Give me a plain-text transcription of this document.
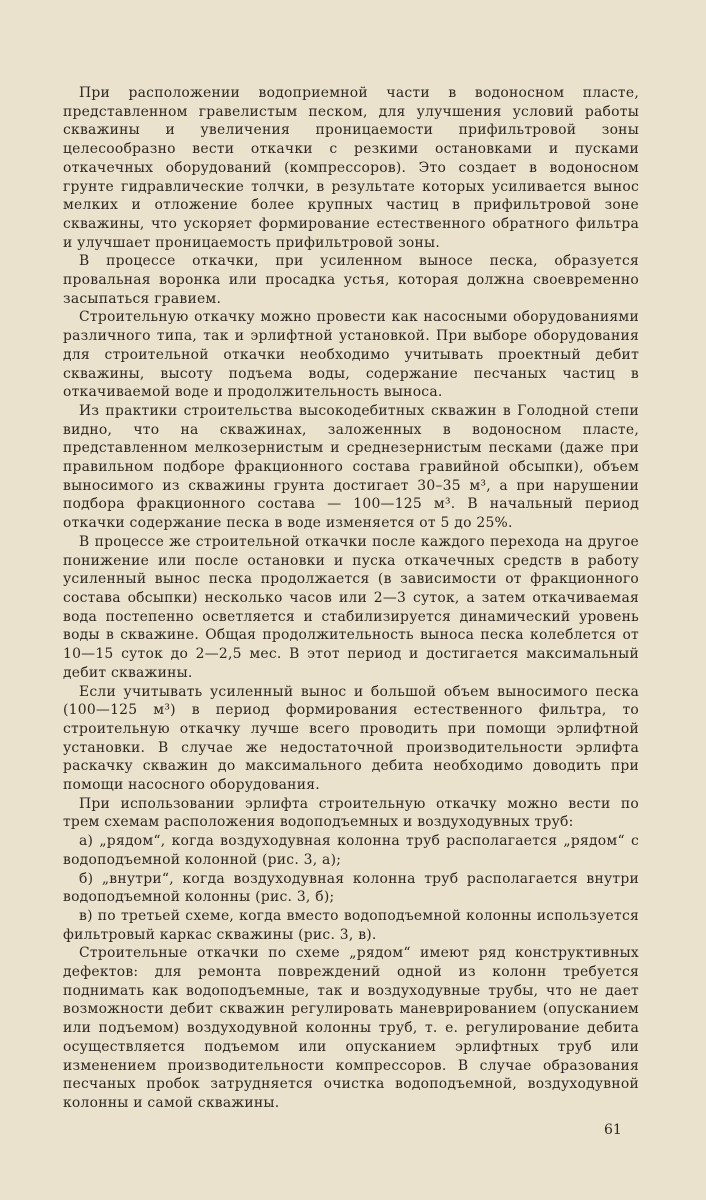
При расположении водоприемной части в водоносном пласте, представленном гравелистым песком, для улучшения условий работы скважины и увеличения проницаемости прифильтровой зоны целесообразно вести откачки с резкими остановками и пусками откачечных оборудований (компрессоров). Это создает в водоносном грунте гидравлические толчки, в результате которых усиливается вынос мелких и отложение более крупных частиц в прифильтровой зоне скважины, что ускоряет формирование естественного обратного фильтра и улучшает проницаемость прифильтровой зоны.

В процессе откачки, при усиленном выносе песка, образуется провальная воронка или просадка устья, которая должна своевременно засыпаться гравием.

Строительную откачку можно провести как насосными оборудованиями различного типа, так и эрлифтной установкой. При выборе оборудования для строительной откачки необходимо учитывать проектный дебит скважины, высоту подъема воды, содержание песчаных частиц в откачиваемой воде и продолжительность выноса.

Из практики строительства высокодебитных скважин в Голодной степи видно, что на скважинах, заложенных в водоносном пласте, представленном мелкозернистым и среднезернистым песками (даже при правильном подборе фракционного состава гравийной обсыпки), объем выносимого из скважины грунта достигает 30–35 м³, а при нарушении подбора фракционного состава — 100—125 м³. В начальный период откачки содержание песка в воде изменяется от 5 до 25%.

В процессе же строительной откачки после каждого перехода на другое понижение или после остановки и пуска откачечных средств в работу усиленный вынос песка продолжается (в зависимости от фракционного состава обсыпки) несколько часов или 2—3 суток, а затем откачиваемая вода постепенно осветляется и стабилизируется динамический уровень воды в скважине. Общая продолжительность выноса песка колеблется от 10—15 суток до 2—2,5 мес. В этот период и достигается максимальный дебит скважины.

Если учитывать усиленный вынос и большой объем выносимого песка (100—125 м³) в период формирования естественного фильтра, то строительную откачку лучше всего проводить при помощи эрлифтной установки. В случае же недостаточной производительности эрлифта раскачку скважин до максимального дебита необходимо доводить при помощи насосного оборудования.

При использовании эрлифта строительную откачку можно вести по трем схемам расположения водоподъемных и воздуходувных труб:

а) „рядом“, когда воздуходувная колонна труб располагается „рядом“ с водоподъемной колонной (рис. 3, а);

б) „внутри“, когда воздуходувная колонна труб располагается внутри водоподъемной колонны (рис. 3, б);

в) по третьей схеме, когда вместо водоподъемной колонны используется фильтровый каркас скважины (рис. 3, в).

Строительные откачки по схеме „рядом“ имеют ряд конструктивных дефектов: для ремонта повреждений одной из колонн требуется поднимать как водоподъемные, так и воздуходувные трубы, что не дает возможности дебит скважин регулировать маневрированием (опусканием или подъемом) воздуходувной колонны труб, т. е. регулирование дебита осуществляется подъемом или опусканием эрлифтных труб или изменением производительности компрессоров. В случае образования песчаных пробок затрудняется очистка водоподъемной, воздуходувной колонны и самой скважины.

61
